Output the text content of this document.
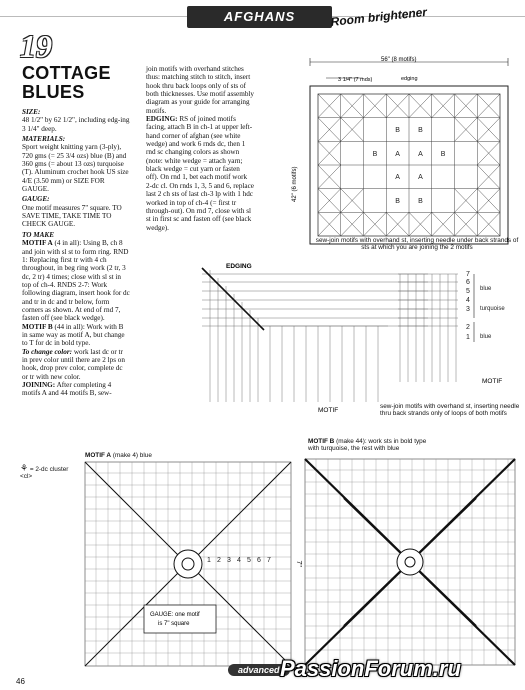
AFGHANS
19
COTTAGE
BLUES

SIZE:

48 1/2" by 62 1/2", including edg-ing 3 1/4" deep.

MATERIALS:

Sport weight knitting yarn (3-ply), 720 gms (= 25 3/4 ozs) blue (B) and 360 gms (= about 13 ozs) turquoise (T). Aluminum crochet hook US size 4/E (3.50 mm) or SIZE FOR GAUGE.

GAUGE:

One motif measures 7" square. TO SAVE TIME, TAKE TIME TO CHECK GAUGE.

TO MAKE

MOTIF A (4 in all): Using B, ch 8 and join with sl st to form ring. RND 1: Replacing first tr with 4 ch throughout, in beg ring work (2 tr, 3 dc, 2 tr) 4 times; close with sl st in top of ch-4. RNDS 2-7: Work following diagram, insert hook for dc and tr in dc and tr below, form corners as shown. At end of rnd 7, fasten off (see black wedge).

MOTIF B (44 in all): Work with B in same way as motif A, but change to T for dc in bold type.

To change color: work last dc or tr in prev color until there are 2 lps on hook, drop prev color, complete dc or tr with new color.

JOINING: After completing 4 motifs A and 44 motifs B, sew-

join motifs with overhand stitches thus: matching stitch to stitch, insert hook thru back loops only of sts of both thicknesses. Use motif assembly diagram as your guide for arranging motifs.

EDGING: RS of joined motifs facing, attach B in ch-1 at upper left-hand corner of afghan (see white wedge) and work 6 rnds dc, then 1 rnd sc changing colors as shown (note: white wedge = attach yarn; black wedge = cut yarn or fasten off). On rnd 1, bet each motif work 2-dc cl. On rnds 1, 3, 5 and 6, replace last 2 ch sts of last ch-3 lp with 1 hdc worked in top of ch-4 (= first tr through-out). On rnd 7, close with sl st in first sc and fasten off (see black wedge).

Room brightener
56" (8 motifs)
3 1/4" (7 mds)	edging
42" (6 motifs)
B	B
A	A
B	B
A	A
B	B
sew-join motifs with overhand st, inserting needle under back strands of sts at which you are joining the 2 motifs
7
6
5
4
3
2
1
blue
turquoise
blue
EDGING
MOTIF
MOTIF
sew-join motifs with overhand st, inserting needle thru back strands only of loops of both motifs
⚘ = 2-dc cluster <cl>
MOTIF A (make 4) blue
1 2 3 4 5 6 7
GAUGE: one motif
is 7" square
7"
MOTIF B (make 44): work sts in bold type
with turquoise, the rest with blue
46
advanced PassionForum.ru
